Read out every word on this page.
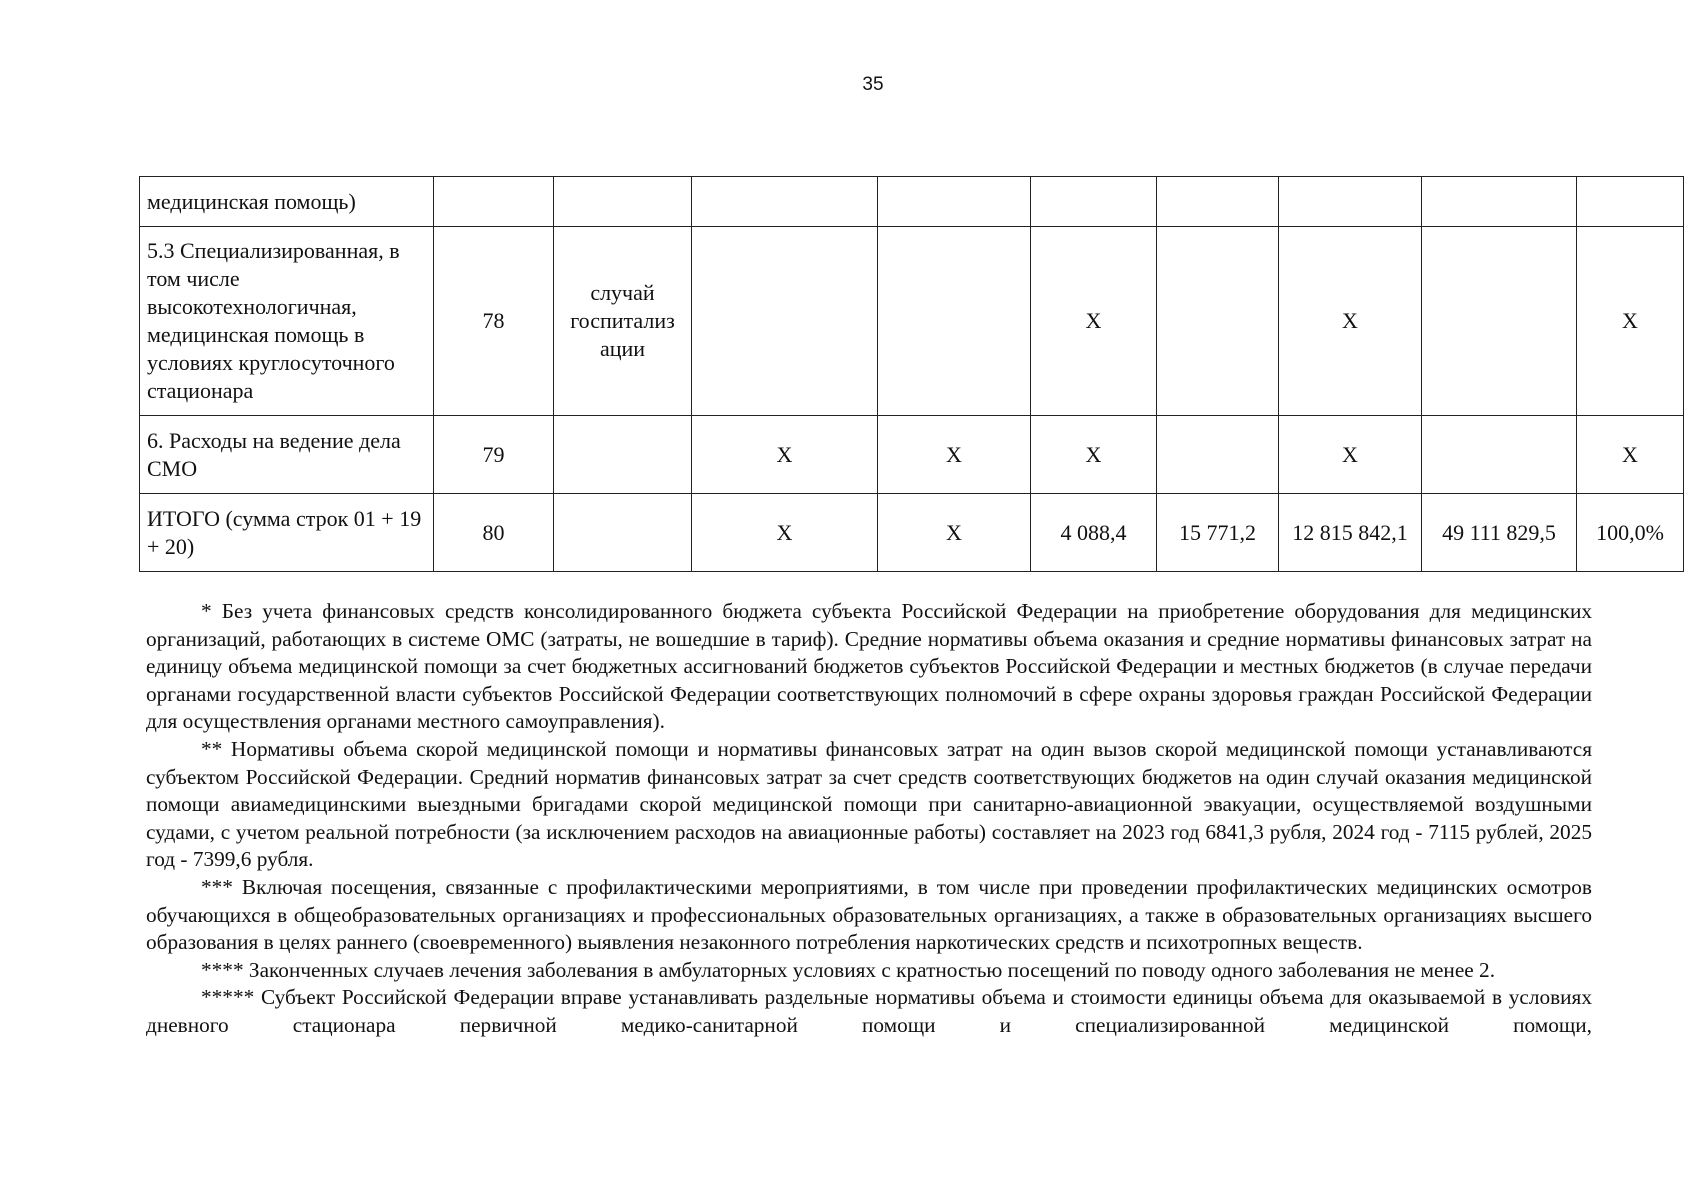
35
медицинская помощь)									
5.3 Специализированная, в том числе высокотехнологичная, медицинская помощь в условиях круглосуточного стационара	78	случай госпитализ ации			X		X		X
6. Расходы на ведение дела СМО	79		X	X	X		X		X
ИТОГО (сумма строк 01 + 19 + 20)	80		X	X	4 088,4	15 771,2	12 815 842,1	49 111 829,5	100,0%

* Без учета финансовых средств консолидированного бюджета субъекта Российской Федерации на приобретение оборудования для медицинских организаций, работающих в системе ОМС (затраты, не вошедшие в тариф). Средние нормативы объема оказания и средние нормативы финансовых затрат на единицу объема медицинской помощи за счет бюджетных ассигнований бюджетов субъектов Российской Федерации и местных бюджетов (в случае передачи органами государственной власти субъектов Российской Федерации соответствующих полномочий в сфере охраны здоровья граждан Российской Федерации для осуществления органами местного самоуправления).

** Нормативы объема скорой медицинской помощи и нормативы финансовых затрат на один вызов скорой медицинской помощи устанавливаются субъектом Российской Федерации. Средний норматив финансовых затрат за счет средств соответствующих бюджетов на один случай оказания медицинской помощи авиамедицинскими выездными бригадами скорой медицинской помощи при санитарно-авиационной эвакуации, осуществляемой воздушными судами, с учетом реальной потребности (за исключением расходов на авиационные работы) составляет на 2023 год 6841,3 рубля, 2024 год - 7115 рублей, 2025 год - 7399,6 рубля.

*** Включая посещения, связанные с профилактическими мероприятиями, в том числе при проведении профилактических медицинских осмотров обучающихся в общеобразовательных организациях и профессиональных образовательных организациях, а также в образовательных организациях высшего образования в целях раннего (своевременного) выявления незаконного потребления наркотических средств и психотропных веществ.

**** Законченных случаев лечения заболевания в амбулаторных условиях с кратностью посещений по поводу одного заболевания не менее 2.

***** Субъект Российской Федерации вправе устанавливать раздельные нормативы объема и стоимости единицы объема для оказываемой в условиях дневного стационара первичной медико-санитарной помощи и специализированной медицинской помощи,
